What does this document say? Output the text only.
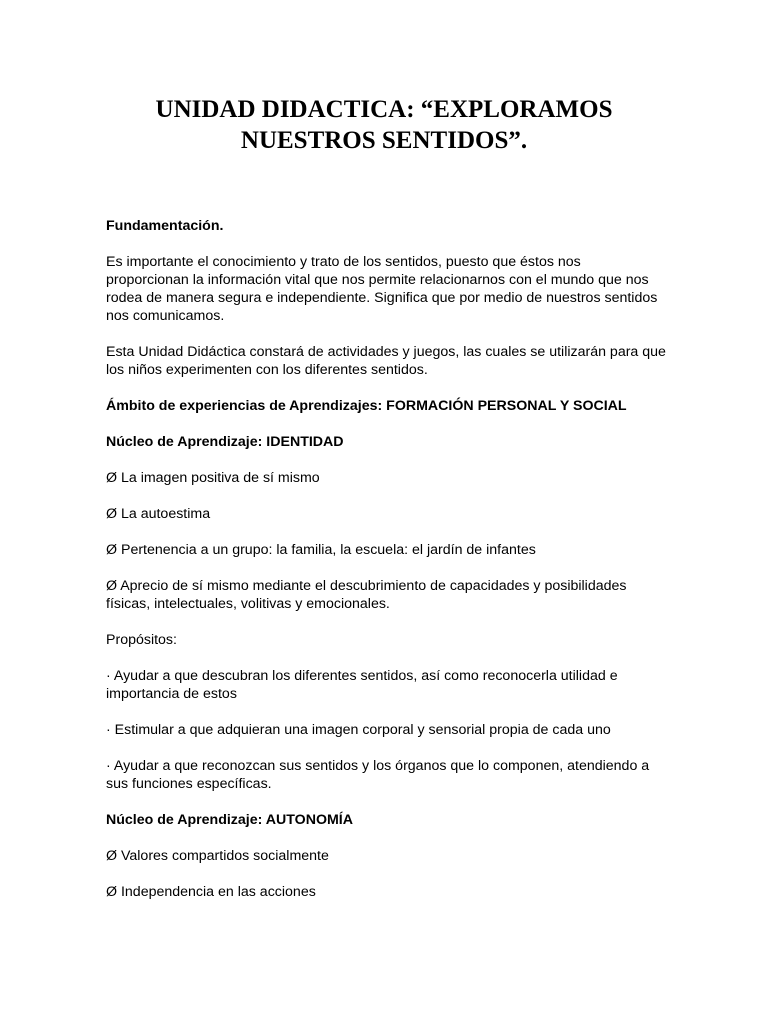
UNIDAD DIDACTICA: “EXPLORAMOS
NUESTROS SENTIDOS”.

Fundamentación.

Es importante el conocimiento y trato de los sentidos, puesto que éstos nos proporcionan la información vital que nos permite relacionarnos con el mundo que nos rodea de manera segura e independiente. Significa que por medio de nuestros sentidos nos comunicamos.

Esta Unidad Didáctica constará de actividades y juegos, las cuales se utilizarán para que los niños experimenten con los diferentes sentidos.

Ámbito de experiencias de Aprendizajes: FORMACIÓN PERSONAL Y SOCIAL

Núcleo de Aprendizaje: IDENTIDAD

Ø La imagen positiva de sí mismo

Ø La autoestima

Ø Pertenencia a un grupo: la familia, la escuela: el jardín de infantes

Ø Aprecio de sí mismo mediante el descubrimiento de capacidades y posibilidades físicas, intelectuales, volitivas y emocionales.

Propósitos:

· Ayudar a que descubran los diferentes sentidos, así como reconocerla utilidad e importancia de estos

· Estimular a que adquieran una imagen corporal y sensorial propia de cada uno

· Ayudar a que reconozcan sus sentidos y los órganos que lo componen, atendiendo a sus funciones específicas.

Núcleo de Aprendizaje: AUTONOMÍA

Ø Valores compartidos socialmente

Ø Independencia en las acciones
